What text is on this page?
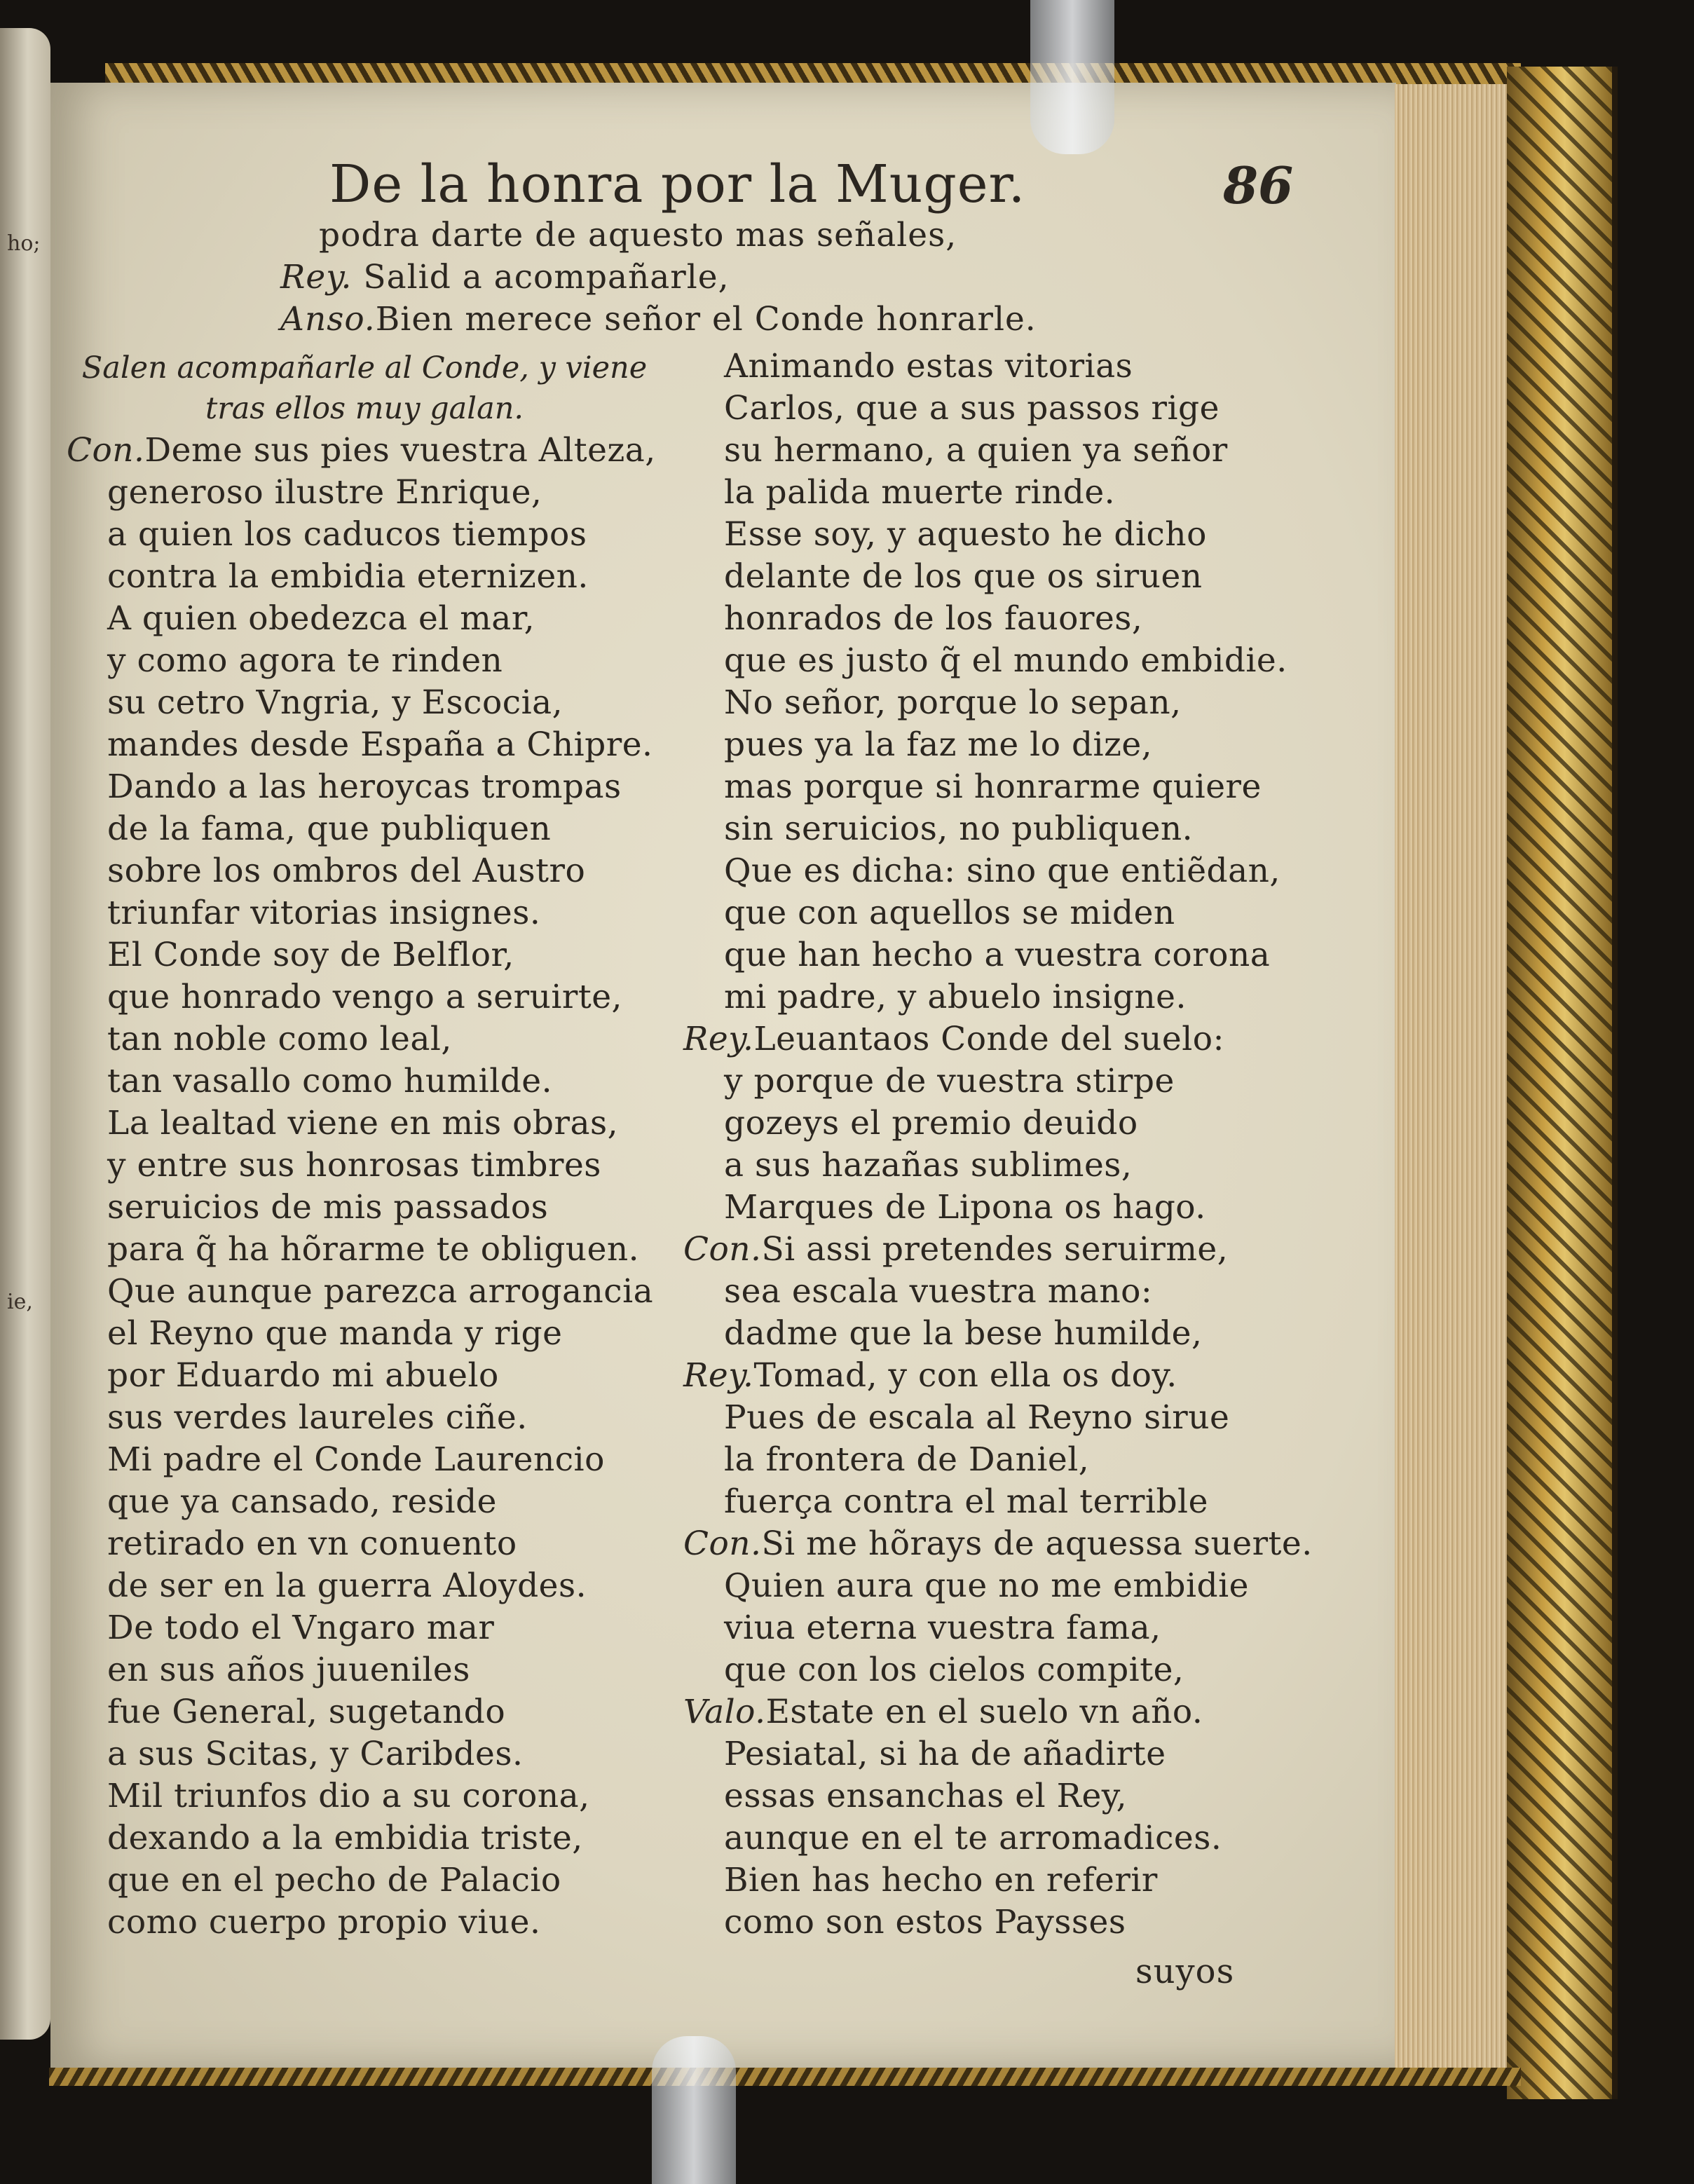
ho;
ie,
De la honra por la Muger.	86
podra darte de aquesto mas señales,
Rey. Salid a acompañarle,
Anso.Bien merece señor el Conde honrarle.
Salen acompañarle al Conde, y viene
tras ellos muy galan.
Con.Deme sus pies vuestra Alteza,
generoso ilustre Enrique,
a quien los caducos tiempos
contra la embidia eternizen.
A quien obedezca el mar,
y como agora te rinden
su cetro Vngria, y Escocia,
mandes desde España a Chipre.
Dando a las heroycas trompas
de la fama, que publiquen
sobre los ombros del Austro
triunfar vitorias insignes.
El Conde soy de Belflor,
que honrado vengo a seruirte,
tan noble como leal,
tan vasallo como humilde.
La lealtad viene en mis obras,
y entre sus honrosas timbres
seruicios de mis passados
para q̃ ha hõrarme te obliguen.
Que aunque parezca arrogancia
el Reyno que manda y rige
por Eduardo mi abuelo
sus verdes laureles ciñe.
Mi padre el Conde Laurencio
que ya cansado, reside
retirado en vn conuento
de ser en la guerra Aloydes.
De todo el Vngaro mar
en sus años juueniles
fue General, sugetando
a sus Scitas, y Caribdes.
Mil triunfos dio a su corona,
dexando a la embidia triste,
que en el pecho de Palacio
como cuerpo propio viue.
Animando estas vitorias
Carlos, que a sus passos rige
su hermano, a quien ya señor
la palida muerte rinde.
Esse soy, y aquesto he dicho
delante de los que os siruen
honrados de los fauores,
que es justo q̃ el mundo embidie.
No señor, porque lo sepan,
pues ya la faz me lo dize,
mas porque si honrarme quiere
sin seruicios, no publiquen.
Que es dicha: sino que entiẽdan,
que con aquellos se miden
que han hecho a vuestra corona
mi padre, y abuelo insigne.
Rey.Leuantaos Conde del suelo:
y porque de vuestra stirpe
gozeys el premio deuido
a sus hazañas sublimes,
Marques de Lipona os hago.
Con.Si assi pretendes seruirme,
sea escala vuestra mano:
dadme que la bese humilde,
Rey.Tomad, y con ella os doy.
Pues de escala al Reyno sirue
la frontera de Daniel,
fuerça contra el mal terrible
Con.Si me hõrays de aquessa suerte.
Quien aura que no me embidie
viua eterna vuestra fama,
que con los cielos compite,
Valo.Estate en el suelo vn año.
Pesiatal, si ha de añadirte
essas ensanchas el Rey,
aunque en el te arromadices.
Bien has hecho en referir
como son estos Paysses
suyos
